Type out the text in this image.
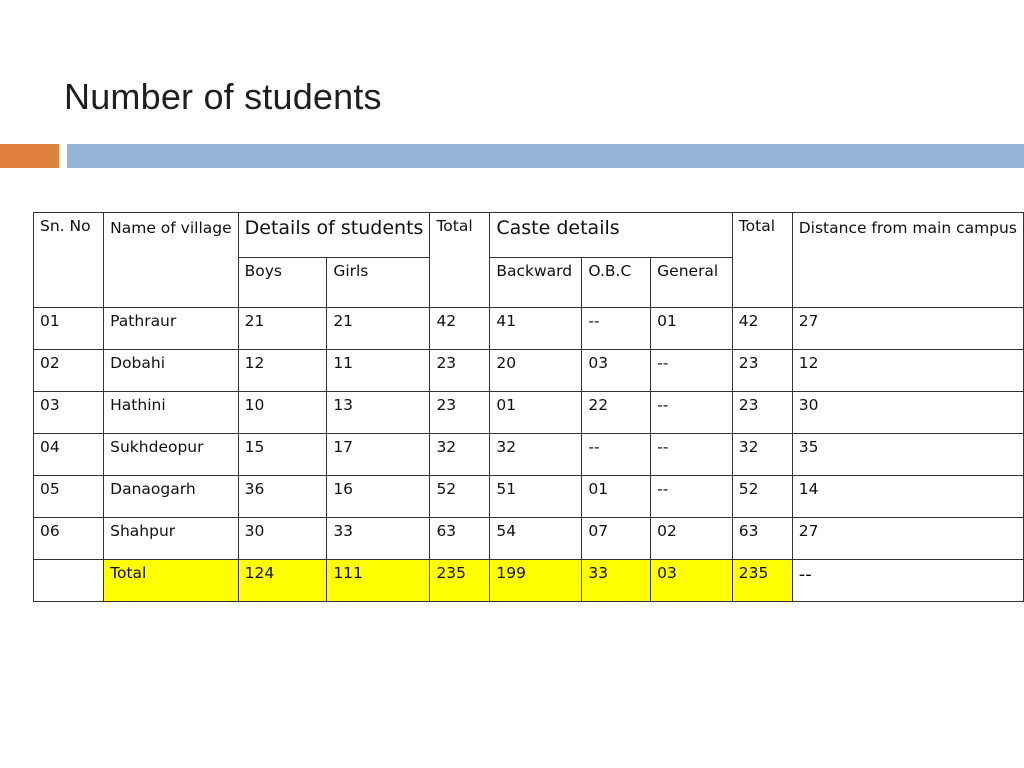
Number of students
Sn. No	Name of village	Details of students		Total	Caste details			Total	Distance from main campus
		Boys	Girls		Backward	O.B.C	General		
01	Pathraur	21	21	42	41	--	01	42	27
02	Dobahi	12	11	23	20	03	--	23	12
03	Hathini	10	13	23	01	22	--	23	30
04	Sukhdeopur	15	17	32	32	--	--	32	35
05	Danaogarh	36	16	52	51	01	--	52	14
06	Shahpur	30	33	63	54	07	02	63	27
	Total	124	111	235	199	33	03	235	--
